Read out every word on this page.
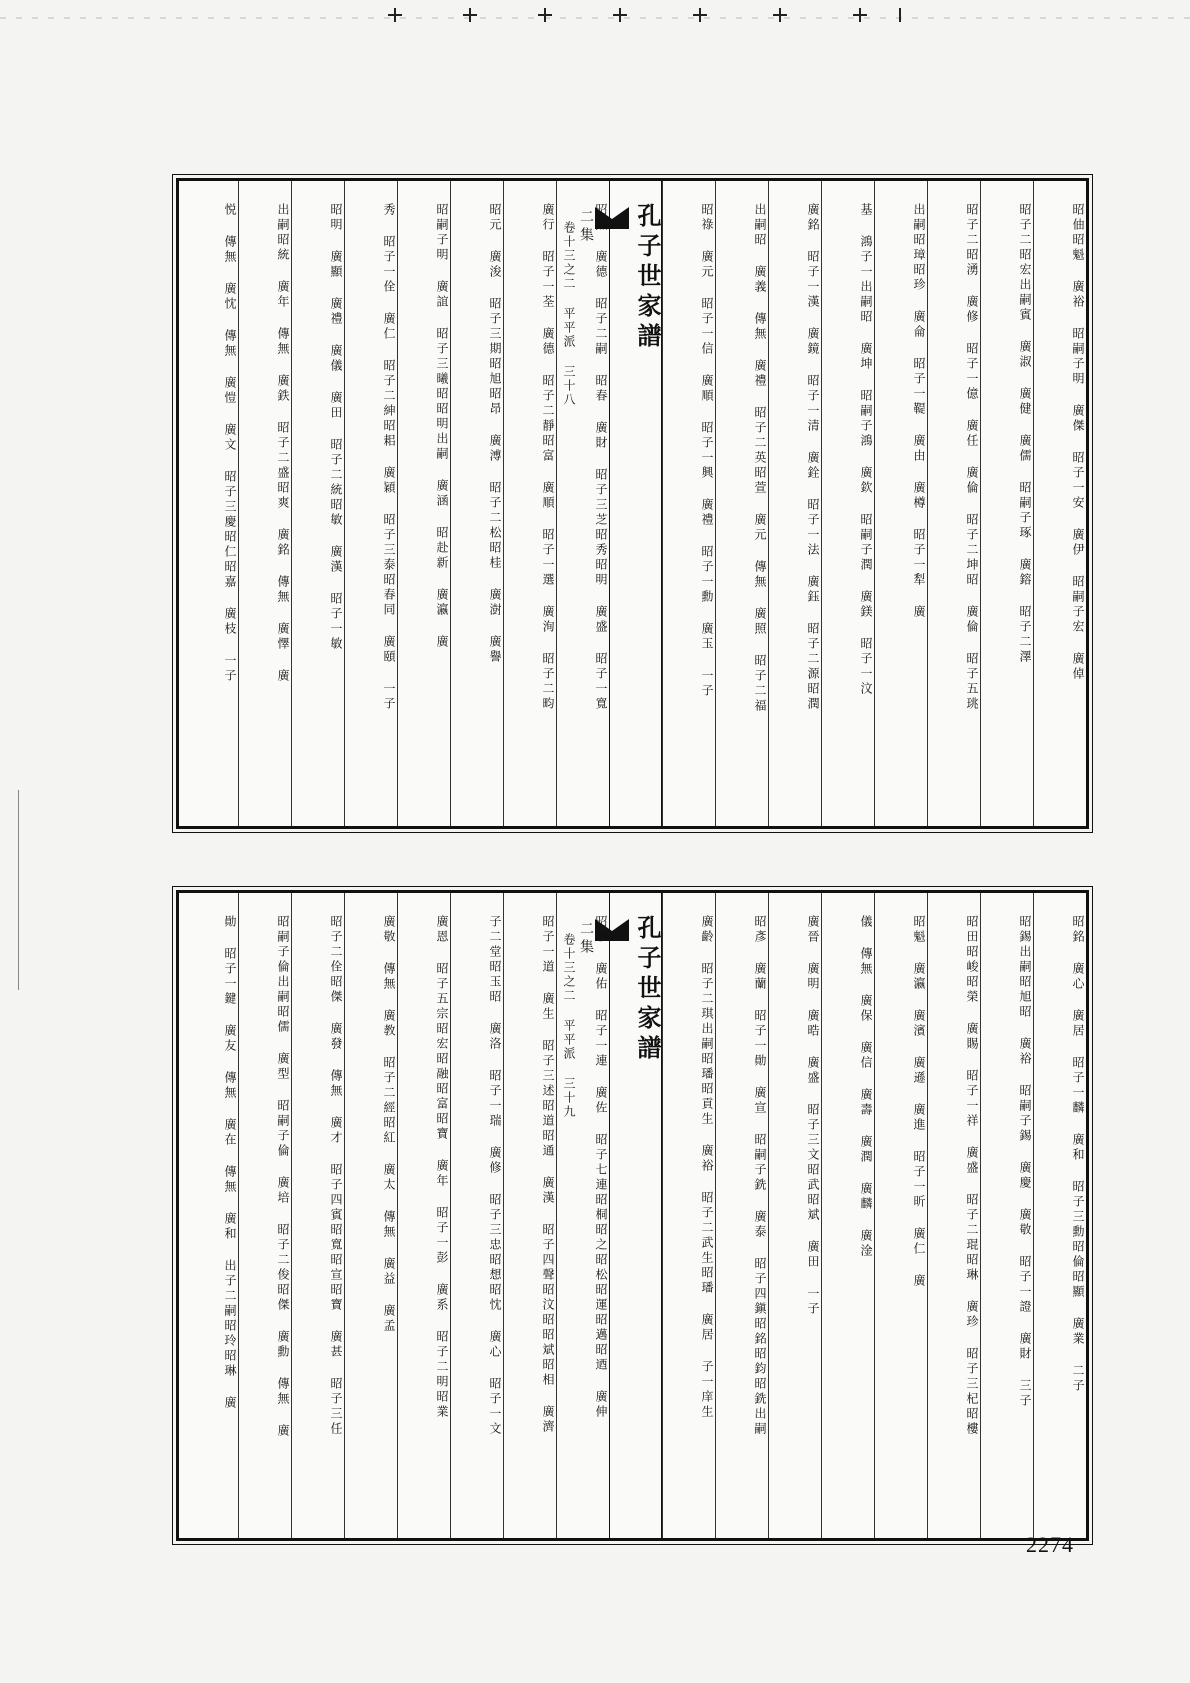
昭伷昭魁 廣裕 昭嗣子明 廣傑 昭子一安 廣伊 昭嗣子宏 廣倬
昭子二昭宏出嗣賓 廣淑 廣健 廣儒 昭嗣子琢 廣鎔 昭子二澤
昭子二昭湧 廣修 昭子一億 廣任 廣倫 昭子二坤昭 廣倫 昭子五珧
出嗣昭璋昭珍 廣侖 昭子一鞮 廣由 廣樽 昭子一犁 廣
基 鴻子一出嗣昭 廣坤 昭嗣子鴻 廣欽 昭嗣子潤 廣鎂 昭子一汶
廣銘 昭子一漢 廣鏡 昭子一清 廣銓 昭子一法 廣鈺 昭子二源昭潤
出嗣昭 廣義 傳無 廣禮 昭子二英昭萱 廣元 傳無 廣照 昭子二福
昭祿 廣元 昭子一信 廣順 昭子一興 廣禮 昭子一勳 廣玉 一子
孔子世家譜
二集
卷十三之二 平平派 三十八 昭烈 廣德 昭子二嗣 昭春 廣財 昭子三芝昭秀昭明 廣盛 昭子一寬
廣行 昭子一荃 廣德 昭子二靜昭富 廣順 昭子一選 廣洵 昭子二畇
昭元 廣浚 昭子三期昭旭昭昂 廣溥 昭子二松昭桂 廣澍 廣譽
昭嗣子明 廣誼 昭子三曦昭昭明出嗣 廣涵 昭赴新 廣瀛 廣
秀 昭子一佺 廣仁 昭子二紳昭耜 廣穎 昭子三泰昭春同 廣頤 一子
昭明 廣顯 廣禮 廣儀 廣田 昭子二統昭敏 廣漢 昭子一敏
出嗣昭統 廣年 傳無 廣鉄 昭子二盛昭爽 廣銘 傳無 廣懌 廣
悦 傳無 廣忱 傳無 廣愷 廣文 昭子三慶昭仁昭嘉 廣枝 一子
昭銘 廣心 廣居 昭子一麟 廣和 昭子三勳昭倫昭顯 廣業 二子
昭錫出嗣昭旭昭 廣裕 昭嗣子錫 廣慶 廣敬 昭子一證 廣財 三子
昭田昭峻昭榮 廣賜 昭子一祥 廣盛 昭子二琨昭琳 廣珍 昭子三杞昭樓
昭魁 廣瀛 廣濱 廣遜 廣進 昭子一昕 廣仁 廣
儀 傳無 廣保 廣信 廣壽 廣潤 廣麟 廣淦
廣晉 廣明 廣晧 廣盛 昭子三文昭武昭斌 廣田 一子
昭彥 廣蘭 昭子一勛 廣宣 昭嗣子銑 廣泰 昭子四鎭昭銘昭鈞昭銑出嗣
廣齡 昭子二琪出嗣昭璠昭貢生 廣裕 昭子二武生昭璠 廣居 子一庠生
孔子世家譜
二集
卷十三之二 平平派 三十九 昭珍 廣佑 昭子一連 廣佐 昭子七連昭桐昭之昭松昭運昭邁昭迺 廣伸
昭子一道 廣生 昭子三述昭道昭通 廣漢 昭子四聲昭汶昭昭斌昭相 廣濟
子二堂昭玉昭 廣洛 昭子一瑞 廣修 昭子三忠昭想昭忱 廣心 昭子一文
廣恩 昭子五宗昭宏昭融昭富昭寶 廣年 昭子一彭 廣系 昭子二明昭業
廣敬 傳無 廣教 昭子二經昭紅 廣太 傳無 廣益 廣孟
昭子二佺昭傑 廣發 傳無 廣才 昭子四賓昭寬昭宣昭寶 廣甚 昭子三任
昭嗣子倫出嗣昭儒 廣型 昭嗣子倫 廣培 昭子二俊昭傑 廣勳 傳無 廣
勛 昭子一鍵 廣友 傳無 廣在 傳無 廣和 出子二嗣昭玲昭琳 廣
2274
